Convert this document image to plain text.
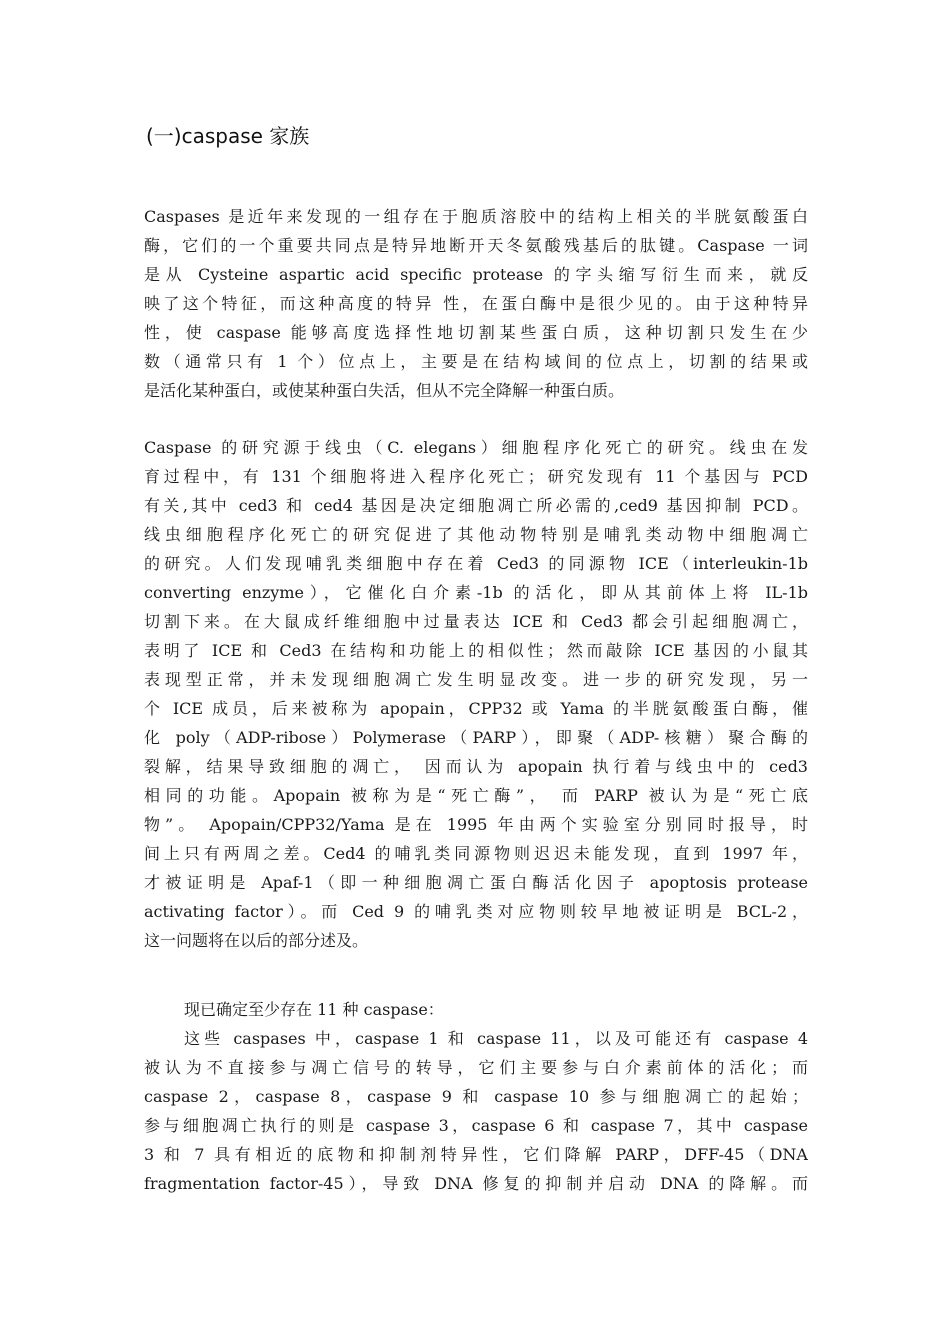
(一)caspase 家族
Caspases 是近年来发现的一组存在于胞质溶胶中的结构上相关的半胱氨酸蛋白
酶，它们的一个重要共同点是特异地断开天冬氨酸残基后的肽键。Caspase 一词
是从 Cysteine aspartic acid specific protease 的字头缩写衍生而来，就反
映了这个特征，而这种高度的特异 性，在蛋白酶中是很少见的。由于这种特异
性，使 caspase 能够高度选择性地切割某些蛋白质，这种切割只发生在少
数（通常只有 1 个）位点上，主要是在结构域间的位点上，切割的结果或
是活化某种蛋白，或使某种蛋白失活，但从不完全降解一种蛋白质。
Caspase 的研究源于线虫（C. elegans）细胞程序化死亡的研究。线虫在发
育过程中，有 131 个细胞将进入程序化死亡；研究发现有 11 个基因与 PCD
有关,其中 ced3 和 ced4 基因是决定细胞凋亡所必需的,ced9 基因抑制 PCD。
线虫细胞程序化死亡的研究促进了其他动物特别是哺乳类动物中细胞凋亡
的研究。人们发现哺乳类细胞中存在着 Ced3 的同源物 ICE（interleukin-1b
converting enzyme），它催化白介素-1b 的活化，即从其前体上将 IL-1b
切割下来。在大鼠成纤维细胞中过量表达 ICE 和 Ced3 都会引起细胞凋亡，
表明了 ICE 和 Ced3 在结构和功能上的相似性；然而敲除 ICE 基因的小鼠其
表现型正常，并未发现细胞凋亡发生明显改变。进一步的研究发现，另一
个 ICE 成员，后来被称为 apopain，CPP32 或 Yama 的半胱氨酸蛋白酶，催
化 poly（ADP-ribose）Polymerase（PARP），即聚（ADP-核糖）聚合酶的
裂解，结果导致细胞的凋亡， 因而认为 apopain 执行着与线虫中的 ced3
相同的功能。Apopain 被称为是“死亡酶”， 而 PARP 被认为是“死亡底
物”。 Apopain/CPP32/Yama 是在 1995 年由两个实验室分别同时报导，时
间上只有两周之差。Ced4 的哺乳类同源物则迟迟未能发现，直到 1997 年，
才被证明是 Apaf-1（即一种细胞凋亡蛋白酶活化因子 apoptosis protease
activating factor）。而 Ced 9 的哺乳类对应物则较早地被证明是 BCL-2，
这一问题将在以后的部分述及。
现已确定至少存在 11 种 caspase：
这些 caspases 中，caspase 1 和 caspase 11，以及可能还有 caspase 4
被认为不直接参与凋亡信号的转导，它们主要参与白介素前体的活化；而
caspase 2，caspase 8，caspase 9 和 caspase 10 参与细胞凋亡的起始；
参与细胞凋亡执行的则是 caspase 3，caspase 6 和 caspase 7，其中 caspase
3 和 7 具有相近的底物和抑制剂特异性，它们降解 PARP，DFF-45（DNA
fragmentation factor-45），导致 DNA 修复的抑制并启动 DNA 的降解。而
